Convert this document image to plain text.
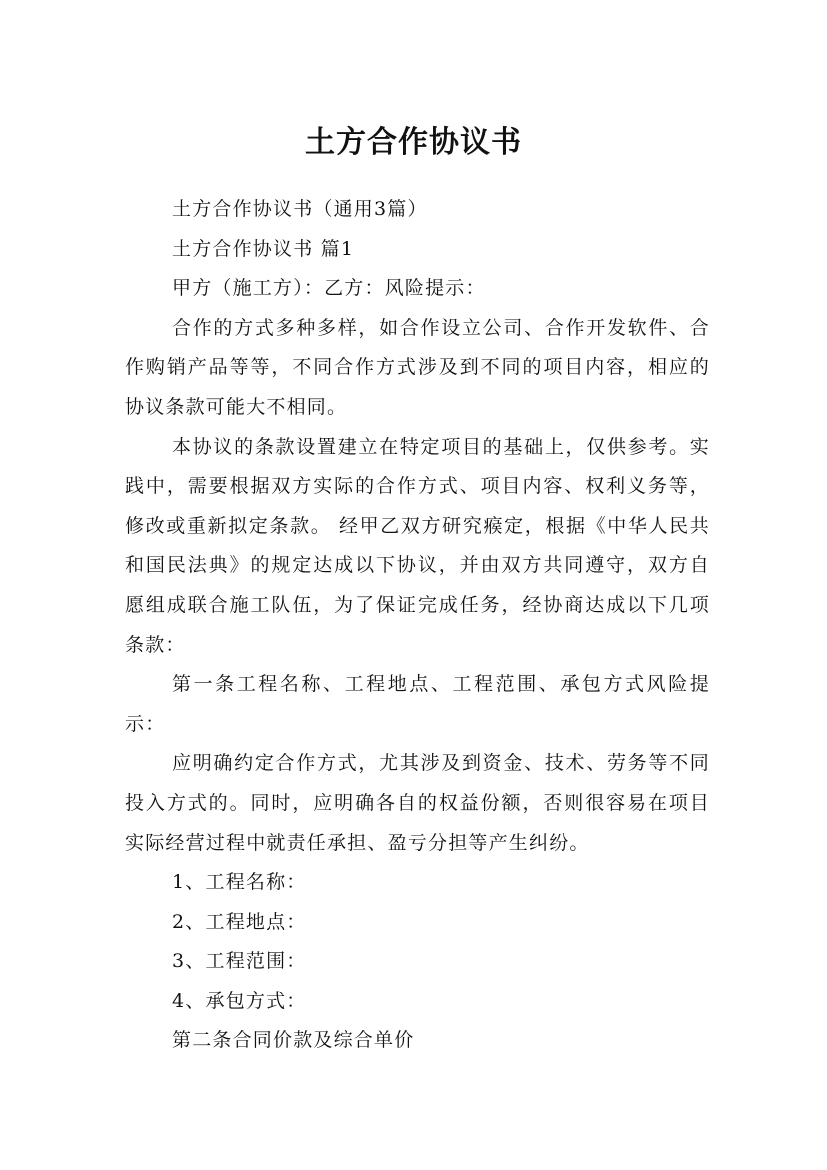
土方合作协议书

土方合作协议书（通用3篇）

土方合作协议书 篇1

甲方（施工方）：乙方：风险提示：

合作的方式多种多样，如合作设立公司、合作开发软件、合作购销产品等等，不同合作方式涉及到不同的项目内容，相应的协议条款可能大不相同。

本协议的条款设置建立在特定项目的基础上，仅供参考。实践中，需要根据双方实际的合作方式、项目内容、权利义务等，修改或重新拟定条款。 经甲乙双方研究瘊定，根据《中华人民共和国民法典》的规定达成以下协议，并由双方共同遵守，双方自愿组成联合施工队伍，为了保证完成任务，经协商达成以下几项条款：

第一条工程名称、工程地点、工程范围、承包方式风险提示：

应明确约定合作方式，尤其涉及到资金、技术、劳务等不同投入方式的。同时，应明确各自的权益份额，否则很容易在项目实际经营过程中就责任承担、盈亏分担等产生纠纷。

1、工程名称：

2、工程地点：

3、工程范围：

4、承包方式：

第二条合同价款及综合单价
